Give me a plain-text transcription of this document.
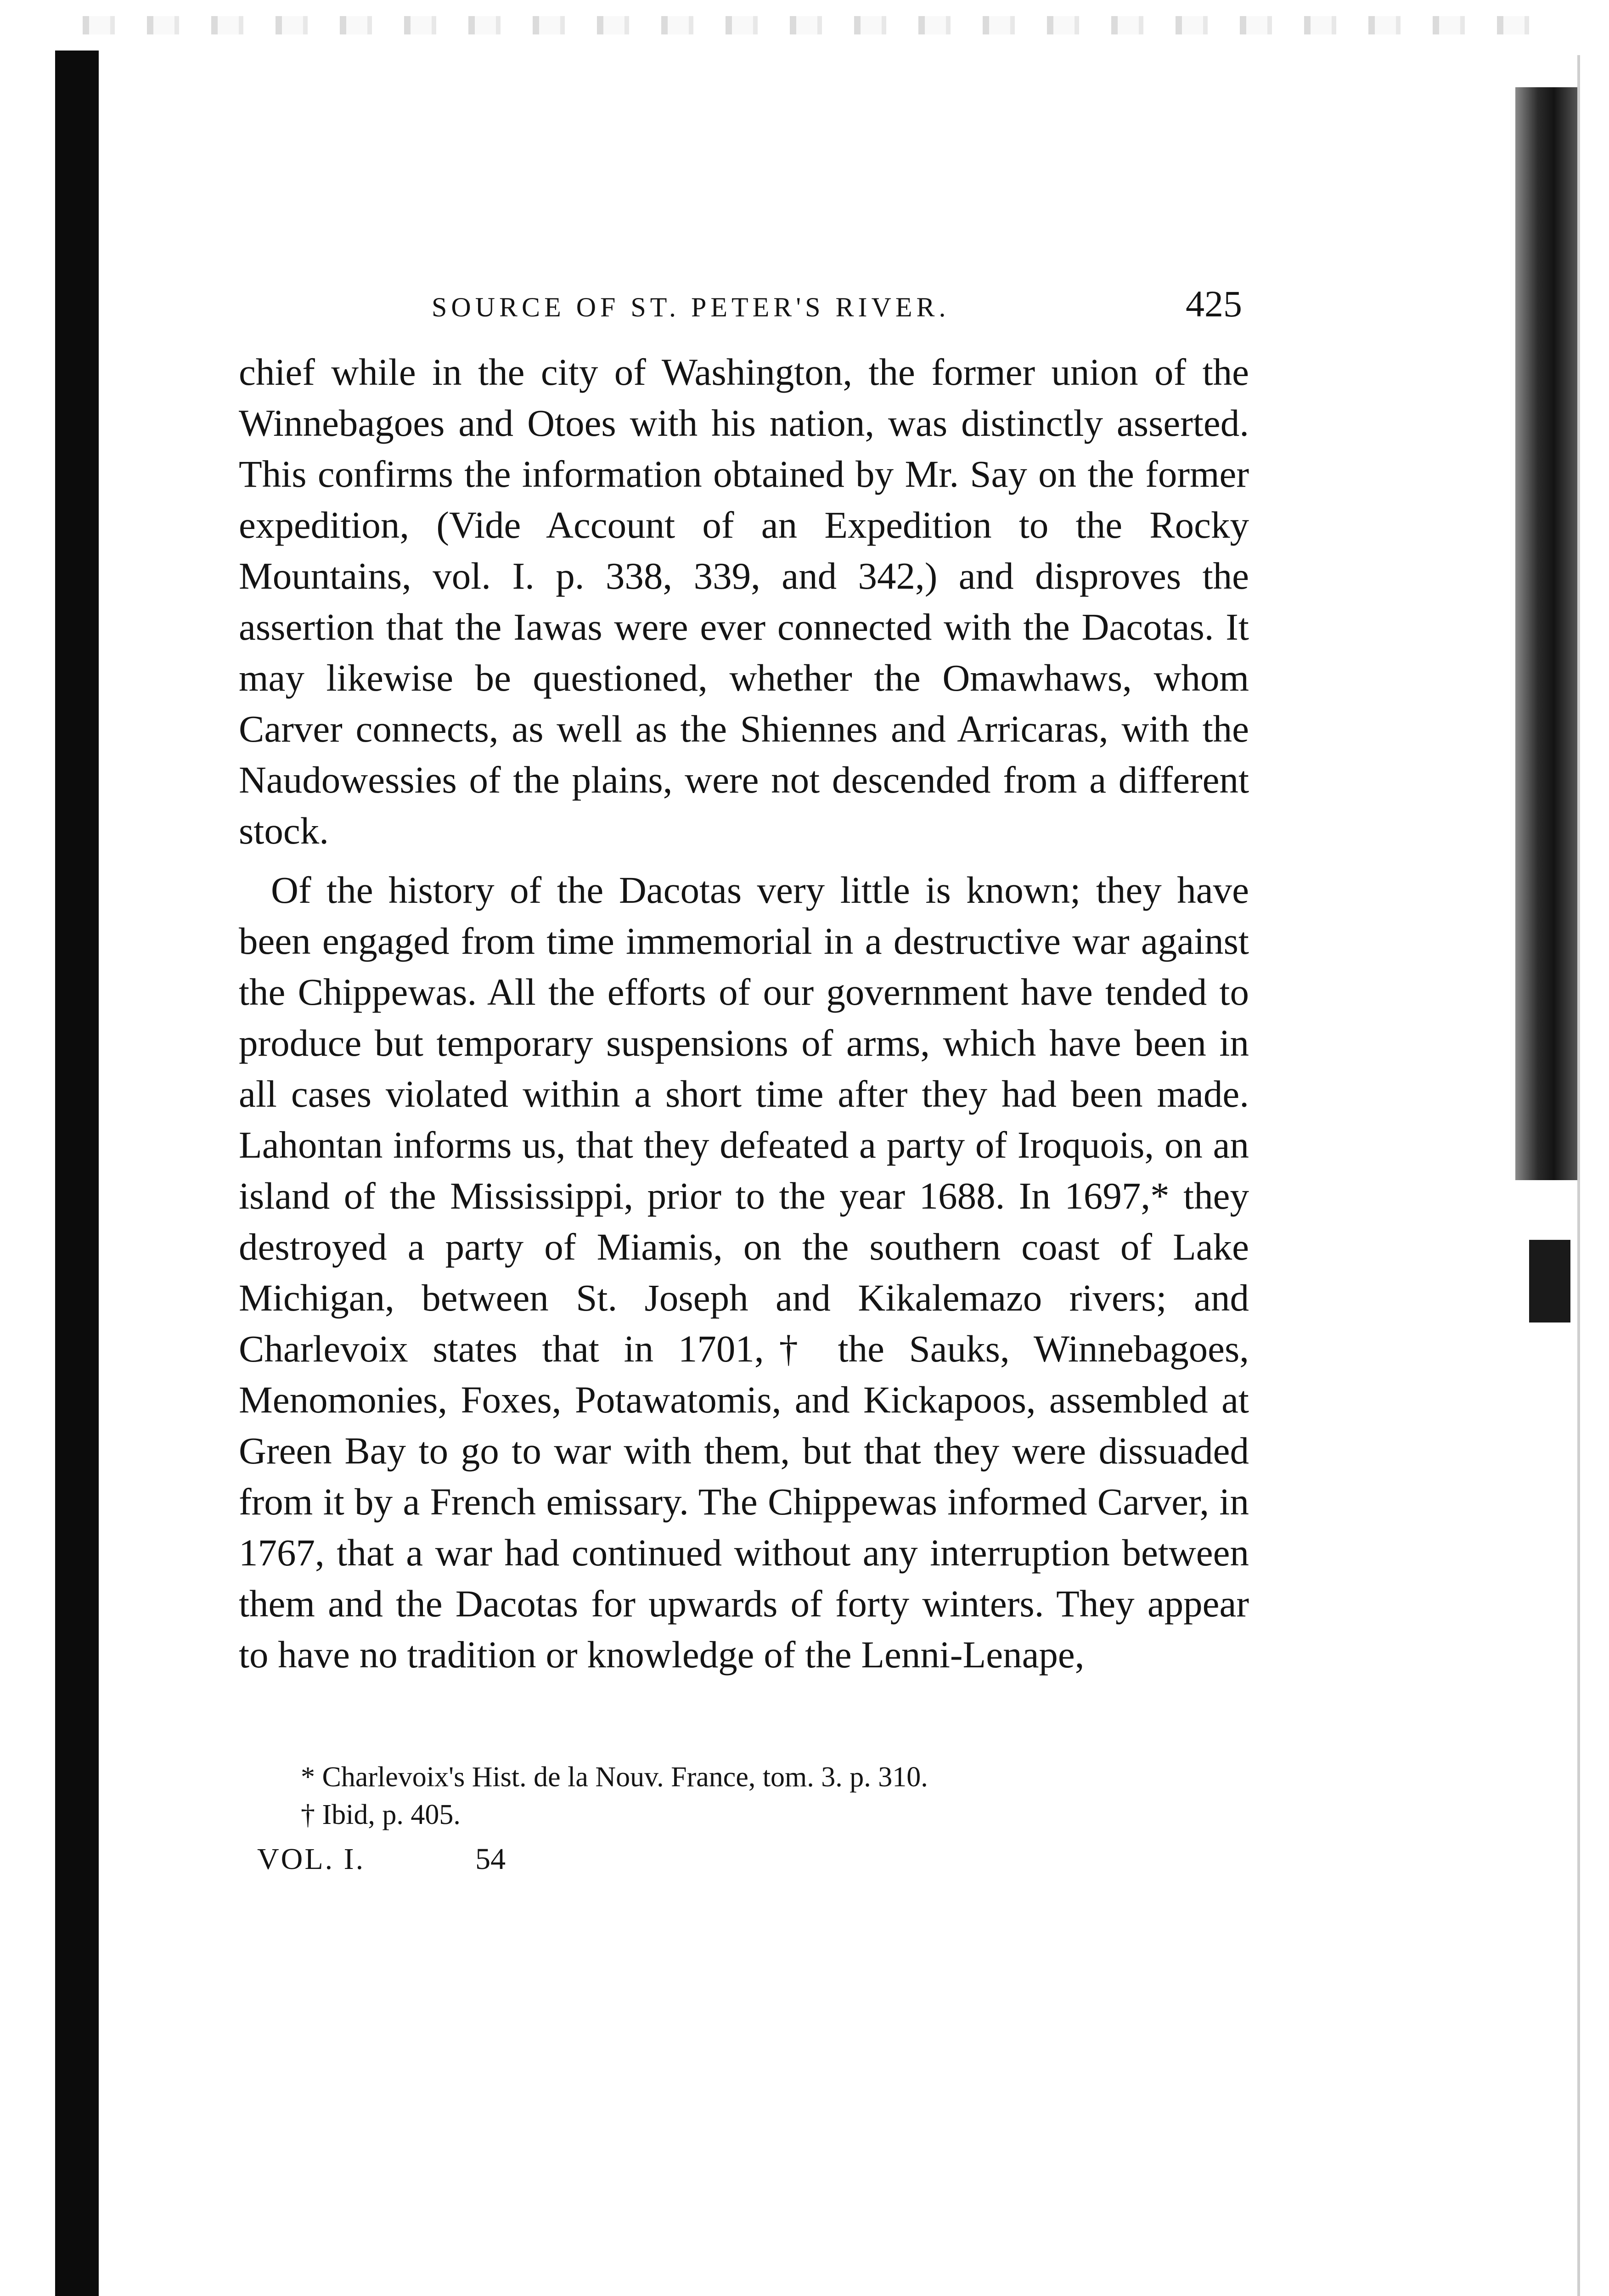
SOURCE OF ST. PETER'S RIVER.	425

chief while in the city of Washington, the former union of the Winnebagoes and Otoes with his nation, was distinctly asserted. This confirms the information obtained by Mr. Say on the former expedition, (Vide Account of an Expedition to the Rocky Mountains, vol. I. p. 338, 339, and 342,) and disproves the assertion that the Iawas were ever connected with the Dacotas. It may likewise be questioned, whether the Omawhaws, whom Carver connects, as well as the Shiennes and Arricaras, with the Naudowessies of the plains, were not descended from a different stock.

Of the history of the Dacotas very little is known; they have been engaged from time immemorial in a destructive war against the Chippewas. All the efforts of our government have tended to produce but temporary suspensions of arms, which have been in all cases violated within a short time after they had been made. Lahontan informs us, that they defeated a party of Iroquois, on an island of the Mississippi, prior to the year 1688. In 1697,* they destroyed a party of Miamis, on the southern coast of Lake Michigan, between St. Joseph and Kikalemazo rivers; and Charlevoix states that in 1701,† the Sauks, Winnebagoes, Menomonies, Foxes, Potawatomis, and Kickapoos, assembled at Green Bay to go to war with them, but that they were dissuaded from it by a French emissary. The Chippewas informed Carver, in 1767, that a war had continued without any interruption between them and the Dacotas for upwards of forty winters. They appear to have no tradition or knowledge of the Lenni-Lenape,

* Charlevoix's Hist. de la Nouv. France, tom. 3. p. 310.
† Ibid, p. 405.
VOL. I.	54
